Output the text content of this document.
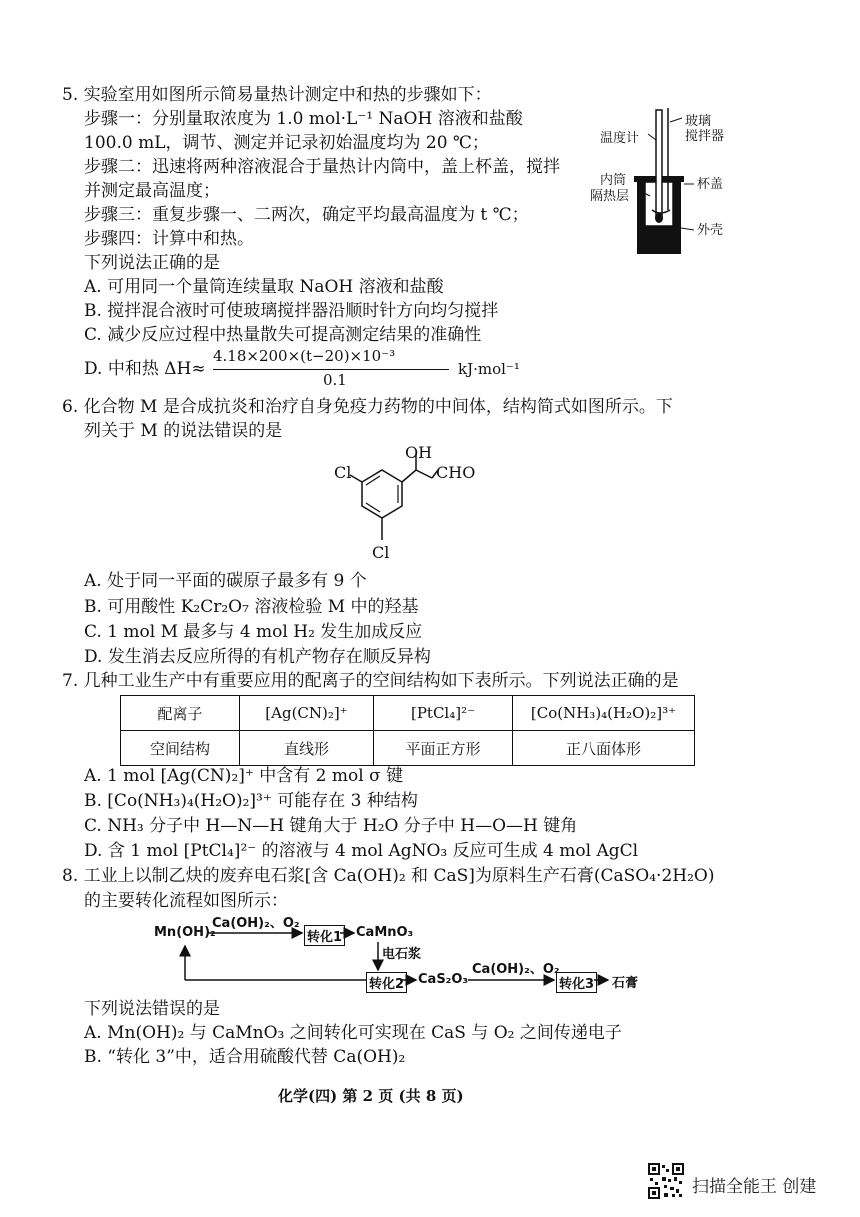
5. 实验室用如图所示简易量热计测定中和热的步骤如下：
步骤一：分别量取浓度为 1.0 mol·L⁻¹ NaOH 溶液和盐酸
100.0 mL，调节、测定并记录初始温度均为 20 ℃；
步骤二：迅速将两种溶液混合于量热计内筒中，盖上杯盖，搅拌
并测定最高温度；
步骤三：重复步骤一、二两次，确定平均最高温度为 t ℃；
步骤四：计算中和热。
下列说法正确的是
A. 可用同一个量筒连续量取 NaOH 溶液和盐酸
B. 搅拌混合液时可使玻璃搅拌器沿顺时针方向均匀搅拌
C. 减少反应过程中热量散失可提高测定结果的准确性
D. 中和热 ΔH≈
4.18×200×(t−20)×10⁻³
0.1
kJ·mol⁻¹
温度计
玻璃
搅拌器
内筒
隔热层
杯盖
外壳
6. 化合物 M 是合成抗炎和治疗自身免疫力药物的中间体，结构简式如图所示。下
列关于 M 的说法错误的是
OH
CHO
Cl
Cl
A. 处于同一平面的碳原子最多有 9 个
B. 可用酸性 K₂Cr₂O₇ 溶液检验 M 中的羟基
C. 1 mol M 最多与 4 mol H₂ 发生加成反应
D. 发生消去反应所得的有机产物存在顺反异构
7. 几种工业生产中有重要应用的配离子的空间结构如下表所示。下列说法正确的是
配离子	[Ag(CN)₂]⁺	[PtCl₄]²⁻	[Co(NH₃)₄(H₂O)₂]³⁺
空间结构	直线形	平面正方形	正八面体形
A. 1 mol [Ag(CN)₂]⁺ 中含有 2 mol σ 键
B. [Co(NH₃)₄(H₂O)₂]³⁺ 可能存在 3 种结构
C. NH₃ 分子中 H—N—H 键角大于 H₂O 分子中 H—O—H 键角
D. 含 1 mol [PtCl₄]²⁻ 的溶液与 4 mol AgNO₃ 反应可生成 4 mol AgCl
8. 工业上以制乙炔的废弃电石浆[含 Ca(OH)₂ 和 CaS]为原料生产石膏(CaSO₄·2H₂O)
的主要转化流程如图所示：
Mn(OH)₂
Ca(OH)₂、O₂
转化1 CaMnO₃
电石浆
转化2 CaS₂O₃
Ca(OH)₂、O₂
转化3 石膏
下列说法错误的是
A. Mn(OH)₂ 与 CaMnO₃ 之间转化可实现在 CaS 与 O₂ 之间传递电子
B. “转化 3”中，适合用硫酸代替 Ca(OH)₂
化学(四) 第 2 页 (共 8 页)
扫描全能王 创建
